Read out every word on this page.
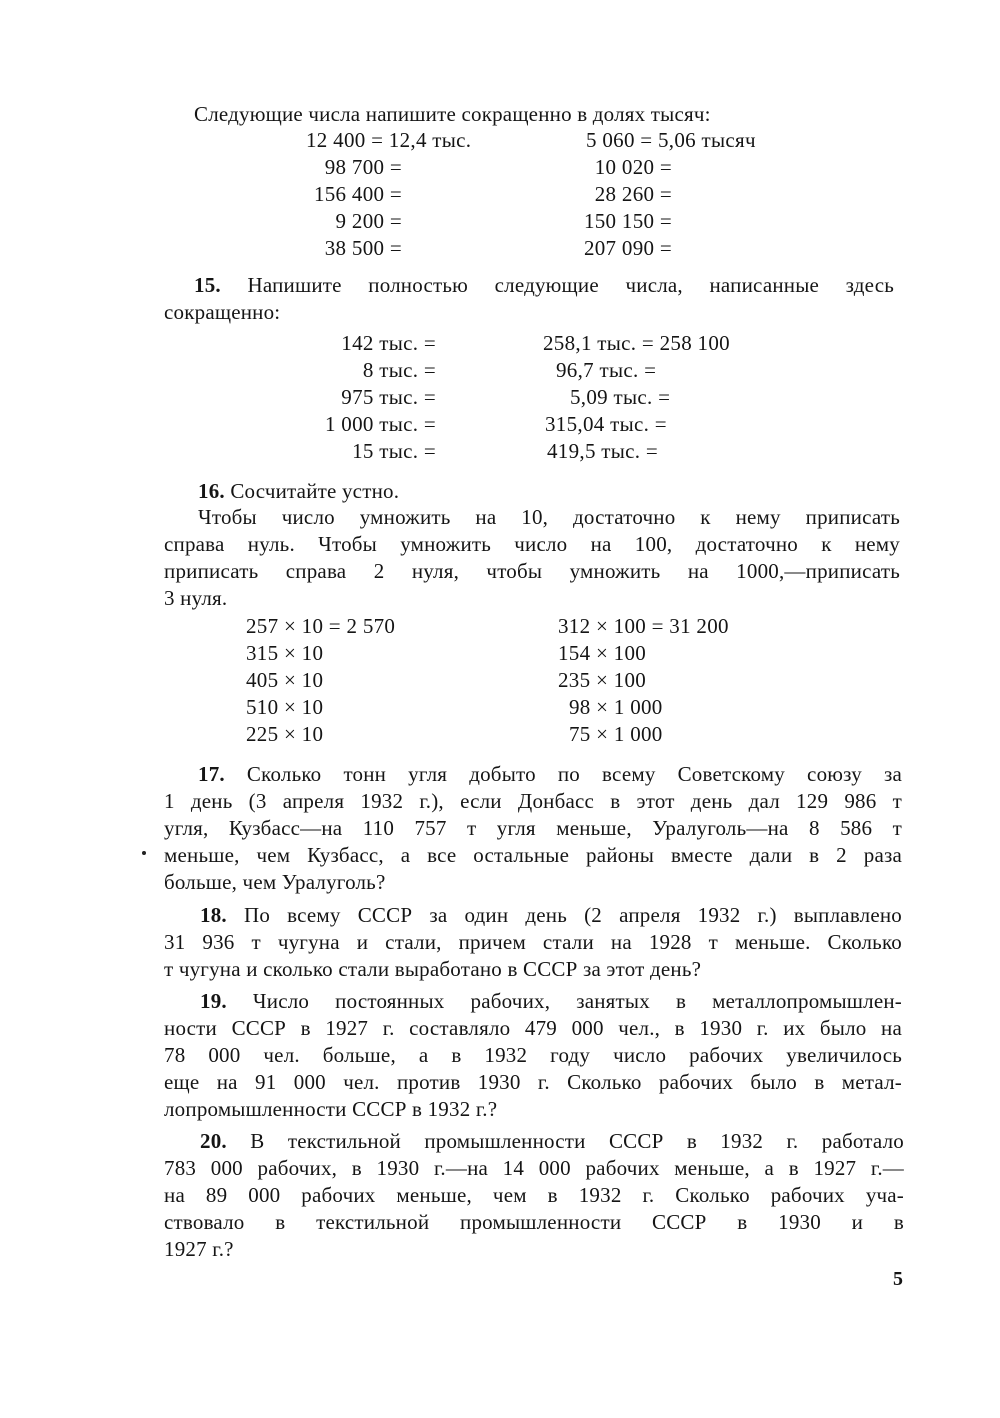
Следующие числа напишите сокращенно в долях тысяч:
12 400 = 12,4 тыс.
98 700 =
156 400 =
9 200 =
38 500 =
5 060 = 5,06 тысяч
10 020 =
28 260 =
150 150 =
207 090 =
15. Напишите полностью следующие числа, написанные здесь
сокращенно:
142 тыс. =
8 тыс. =
975 тыс. =
1 000 тыс. =
15 тыс. =
258,1 тыс. = 258 100
96,7 тыс. =
5,09 тыс. =
315,04 тыс. =
419,5 тыс. =
16. Сосчитайте устно.
Чтобы число умножить на 10, достаточно к нему приписать
справа нуль. Чтобы умножить число на 100, достаточно к нему
приписать справа 2 нуля, чтобы умножить на 1000,—приписать
3 нуля.
257 × 10 = 2 570
315 × 10
405 × 10
510 × 10
225 × 10
312 × 100 = 31 200
154 × 100
235 × 100
98 × 1 000
75 × 1 000
17. Сколько тонн угля добыто по всему Советскому союзу за
1 день (3 апреля 1932 г.), если Донбасс в этот день дал 129 986 т
угля, Кузбасс—на 110 757 т угля меньше, Уралуголь—на 8 586 т
меньше, чем Кузбасс, а все остальные районы вместе дали в 2 раза
больше, чем Уралуголь?
18. По всему СССР за один день (2 апреля 1932 г.) выплавлено
31 936 т чугуна и стали, причем стали на 1928 т меньше. Сколько
т чугуна и сколько стали выработано в СССР за этот день?
19. Число постоянных рабочих, занятых в металлопромышлен-
ности СССР в 1927 г. составляло 479 000 чел., в 1930 г. их было на
78 000 чел. больше, а в 1932 году число рабочих увеличилось
еще на 91 000 чел. против 1930 г. Сколько рабочих было в метал-
лопромышленности СССР в 1932 г.?
20. В текстильной промышленности СССР в 1932 г. работало
783 000 рабочих, в 1930 г.—на 14 000 рабочих меньше, а в 1927 г.—
на 89 000 рабочих меньше, чем в 1932 г. Сколько рабочих уча-
ствовало в текстильной промышленности СССР в 1930 и в
1927 г.?
5
